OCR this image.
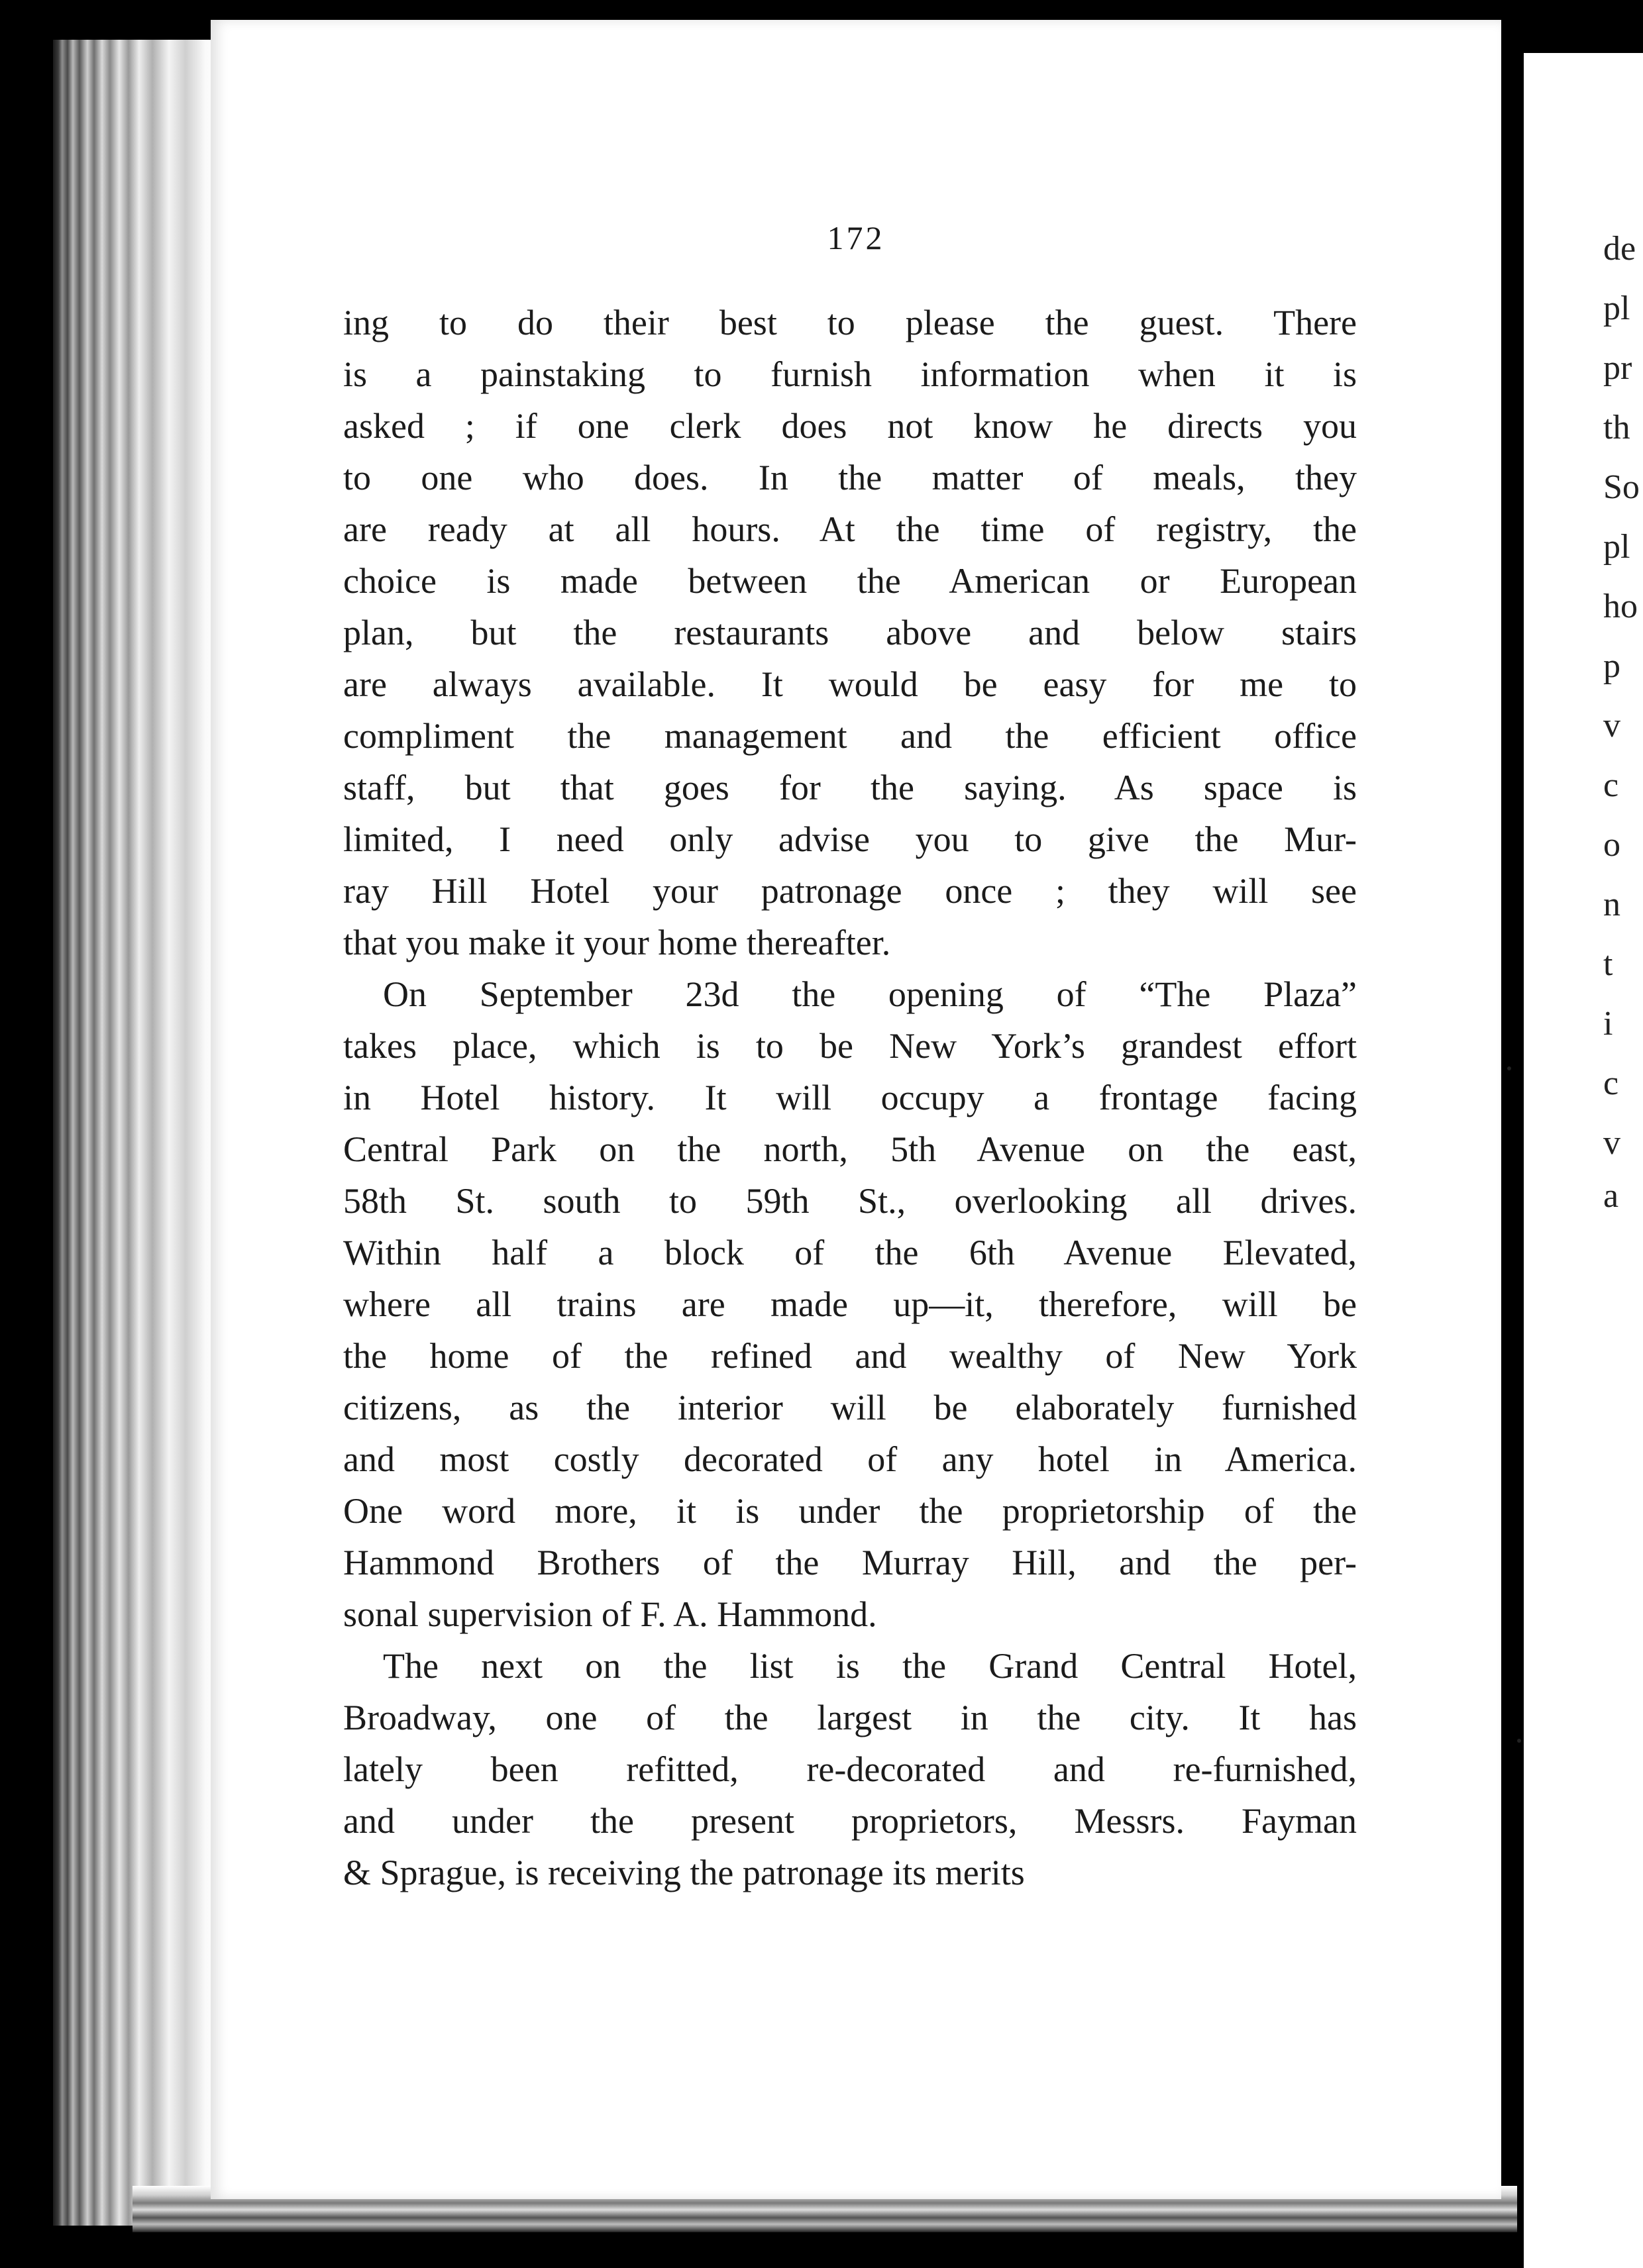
172
ing to do their best to please the guest. There
is a painstaking to furnish information when it is
asked ; if one clerk does not know he directs you
to one who does. In the matter of meals, they
are ready at all hours. At the time of registry, the
choice is made between the American or European
plan, but the restaurants above and below stairs
are always available. It would be easy for me to
compliment the management and the efficient office
staff, but that goes for the saying. As space is
limited, I need only advise you to give the Mur-
ray Hill Hotel your patronage once ; they will see
that you make it your home thereafter.
On September 23d the opening of “The Plaza”
takes place, which is to be New York’s grandest effort
in Hotel history. It will occupy a frontage facing
Central Park on the north, 5th Avenue on the east,
58th St. south to 59th St., overlooking all drives.
Within half a block of the 6th Avenue Elevated,
where all trains are made up—it, therefore, will be
the home of the refined and wealthy of New York
citizens, as the interior will be elaborately furnished
and most costly decorated of any hotel in America.
One word more, it is under the proprietorship of the
Hammond Brothers of the Murray Hill, and the per-
sonal supervision of F. A. Hammond.
The next on the list is the Grand Central Hotel,
Broadway, one of the largest in the city. It has
lately been refitted, re-decorated and re-furnished,
and under the present proprietors, Messrs. Fayman
& Sprague, is receiving the patronage its merits
de
pl
pr
th
So
pl
ho
p
v
c
o
n
t
i
c
v
a
